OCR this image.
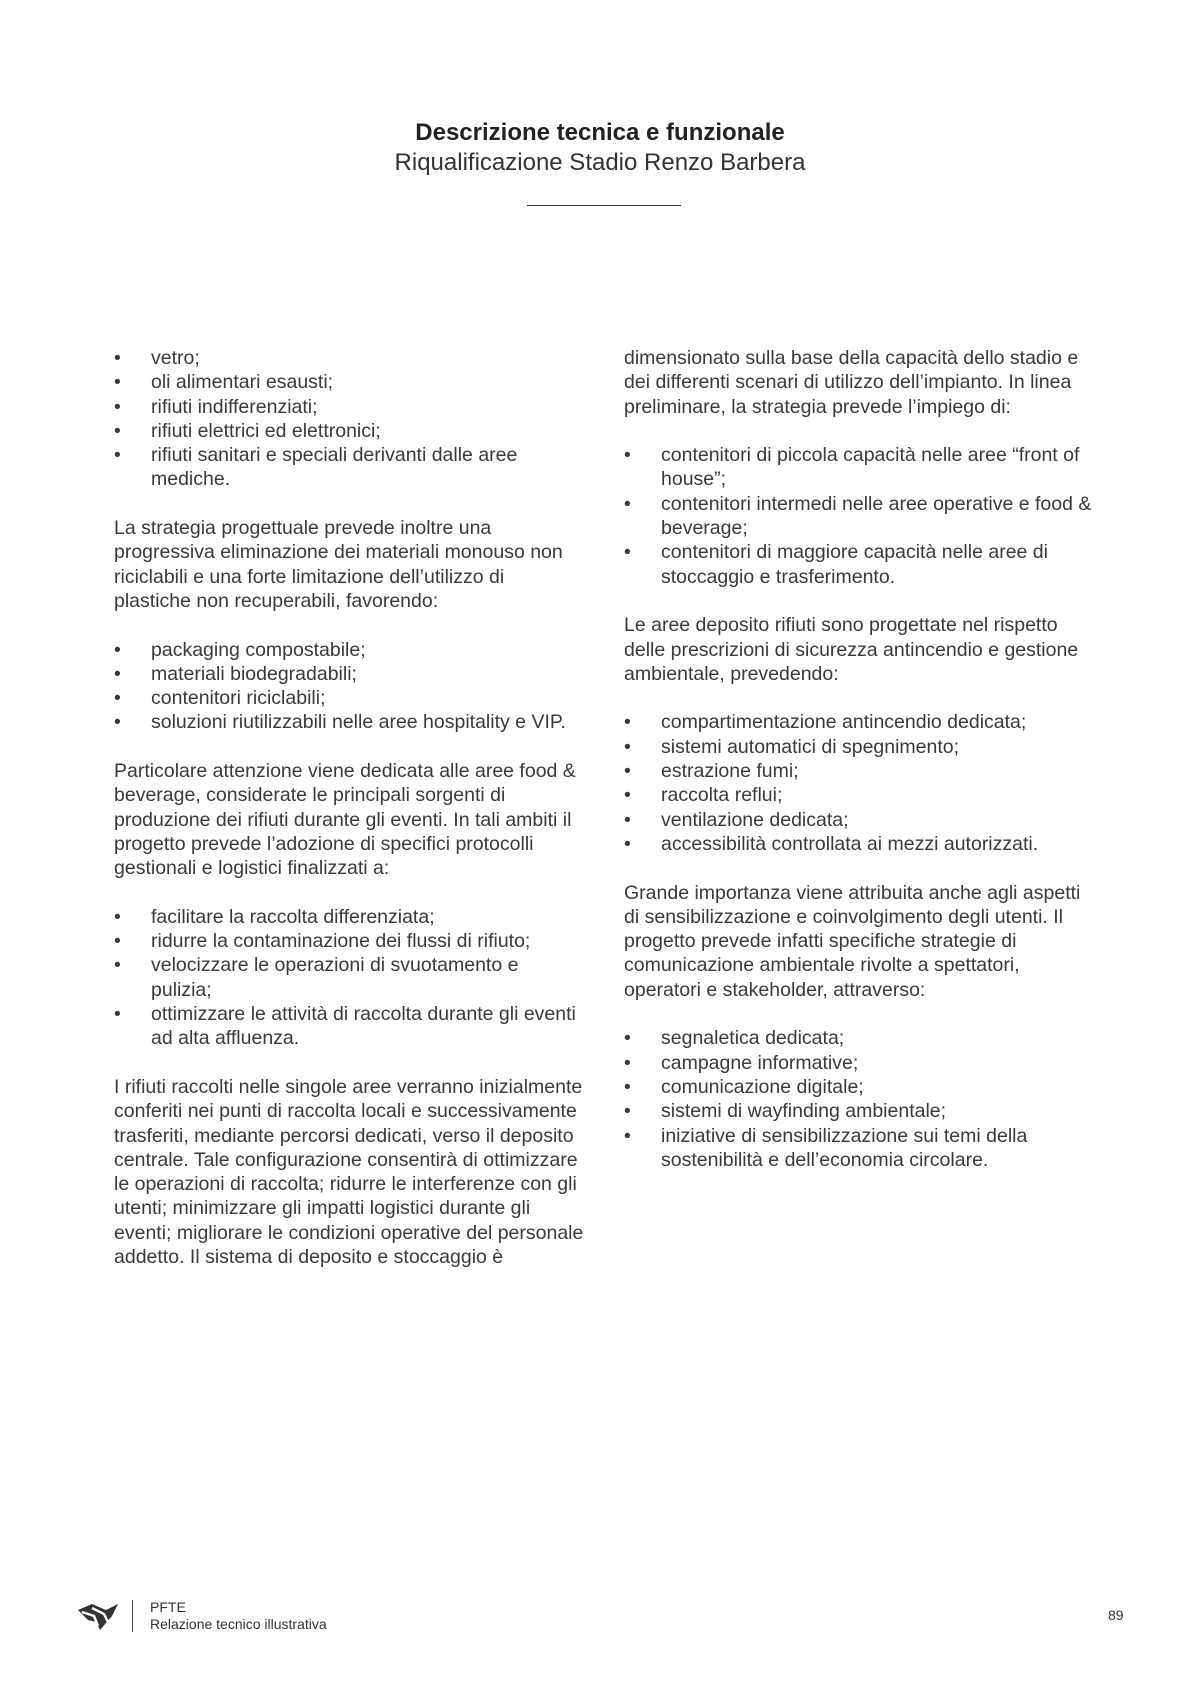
Descrizione tecnica e funzionale
Riqualificazione Stadio Renzo Barbera
•	vetro;
•	oli alimentari esausti;
•	rifiuti indifferenziati;
•	rifiuti elettrici ed elettronici;
•	rifiuti sanitari e speciali derivanti dalle aree mediche.

La strategia progettuale prevede inoltre una progressiva eliminazione dei materiali monouso non riciclabili e una forte limitazione dell’utilizzo di plastiche non recuperabili, favorendo:

•	packaging compostabile;
•	materiali biodegradabili;
•	contenitori riciclabili;
•	soluzioni riutilizzabili nelle aree hospitality e VIP.

Particolare attenzione viene dedicata alle aree food & beverage, considerate le principali sorgenti di produzione dei rifiuti durante gli eventi. In tali ambiti il progetto prevede l’adozione di specifici protocolli gestionali e logistici finalizzati a:

•	facilitare la raccolta differenziata;
•	ridurre la contaminazione dei flussi di rifiuto;
•	velocizzare le operazioni di svuotamento e pulizia;
•	ottimizzare le attività di raccolta durante gli eventi ad alta affluenza.

I rifiuti raccolti nelle singole aree verranno inizialmente conferiti nei punti di raccolta locali e successivamente trasferiti, mediante percorsi dedicati, verso il deposito centrale. Tale configurazione consentirà di ottimizzare le operazioni di raccolta; ridurre le interferenze con gli utenti; minimizzare gli impatti logistici durante gli eventi; migliorare le condizioni operative del personale addetto. Il sistema di deposito e stoccaggio è

dimensionato sulla base della capacità dello stadio e dei differenti scenari di utilizzo dell’impianto. In linea preliminare, la strategia prevede l’impiego di:

•	contenitori di piccola capacità nelle aree “front of house”;
•	contenitori intermedi nelle aree operative e food & beverage;
•	contenitori di maggiore capacità nelle aree di stoccaggio e trasferimento.

Le aree deposito rifiuti sono progettate nel rispetto delle prescrizioni di sicurezza antincendio e gestione ambientale, prevedendo:

•	compartimentazione antincendio dedicata;
•	sistemi automatici di spegnimento;
•	estrazione fumi;
•	raccolta reflui;
•	ventilazione dedicata;
•	accessibilità controllata ai mezzi autorizzati.

Grande importanza viene attribuita anche agli aspetti di sensibilizzazione e coinvolgimento degli utenti. Il progetto prevede infatti specifiche strategie di comunicazione ambientale rivolte a spettatori, operatori e stakeholder, attraverso:

•	segnaletica dedicata;
•	campagne informative;
•	comunicazione digitale;
•	sistemi di wayfinding ambientale;
•	iniziative di sensibilizzazione sui temi della sostenibilità e dell’economia circolare.
PFTE
Relazione tecnico illustrativa
89
